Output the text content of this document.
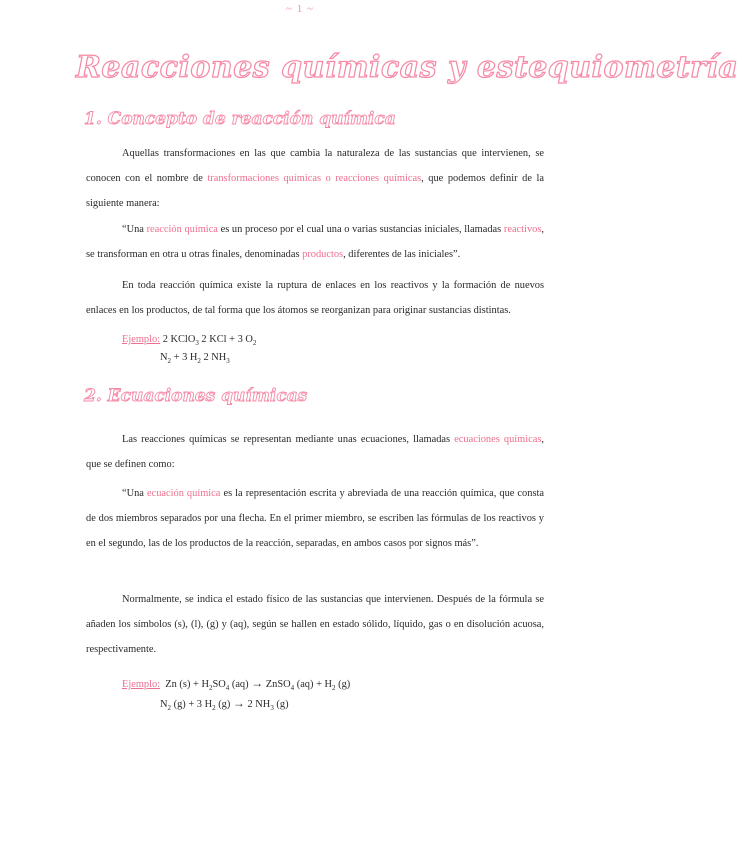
~ 1 ~
Reacciones químicas y estequiometría
1. Concepto de reacción química

Aquellas transformaciones en las que cambia la naturaleza de las sustancias que intervienen, se conocen con el nombre de transformaciones químicas o reacciones químicas, que podemos definir de la siguiente manera:

“Una reacción química es un proceso por el cual una o varias sustancias iniciales, llamadas reactivos, se transforman en otra u otras finales, denominadas productos, diferentes de las iniciales”.

En toda reacción química existe la ruptura de enlaces en los reactivos y la formación de nuevos enlaces en los productos, de tal forma que los átomos se reorganizan para originar sustancias distintas.

Ejemplo: 2 KClO$_3$ 2 KCl + 3 $O_2$
$N_2 + 3$ $H_2$ 2 $NH_3$
2. Ecuaciones químicas

Las reacciones químicas se representan mediante unas ecuaciones, llamadas ecuaciones químicas, que se definen como:

“Una ecuación química es la representación escrita y abreviada de una reacción química, que consta de dos miembros separados por una flecha. En el primer miembro, se escriben las fórmulas de los reactivos y en el segundo, las de los productos de la reacción, separadas, en ambos casos por signos más”.

Normalmente, se indica el estado físico de las sustancias que intervienen. Después de la fórmula se añaden los símbolos (s), (l), (g) y (aq), según se hallen en estado sólido, líquido, gas o en disolución acuosa, respectivamente.

Ejemplo: Zn $(s) + H_2SO_4$ (aq) → ZnSO$_4$ $(aq) + H_2$ (g)
$N_2$ (g) + 3 $H_2$ (g) → 2 $NH_3$ (g)
